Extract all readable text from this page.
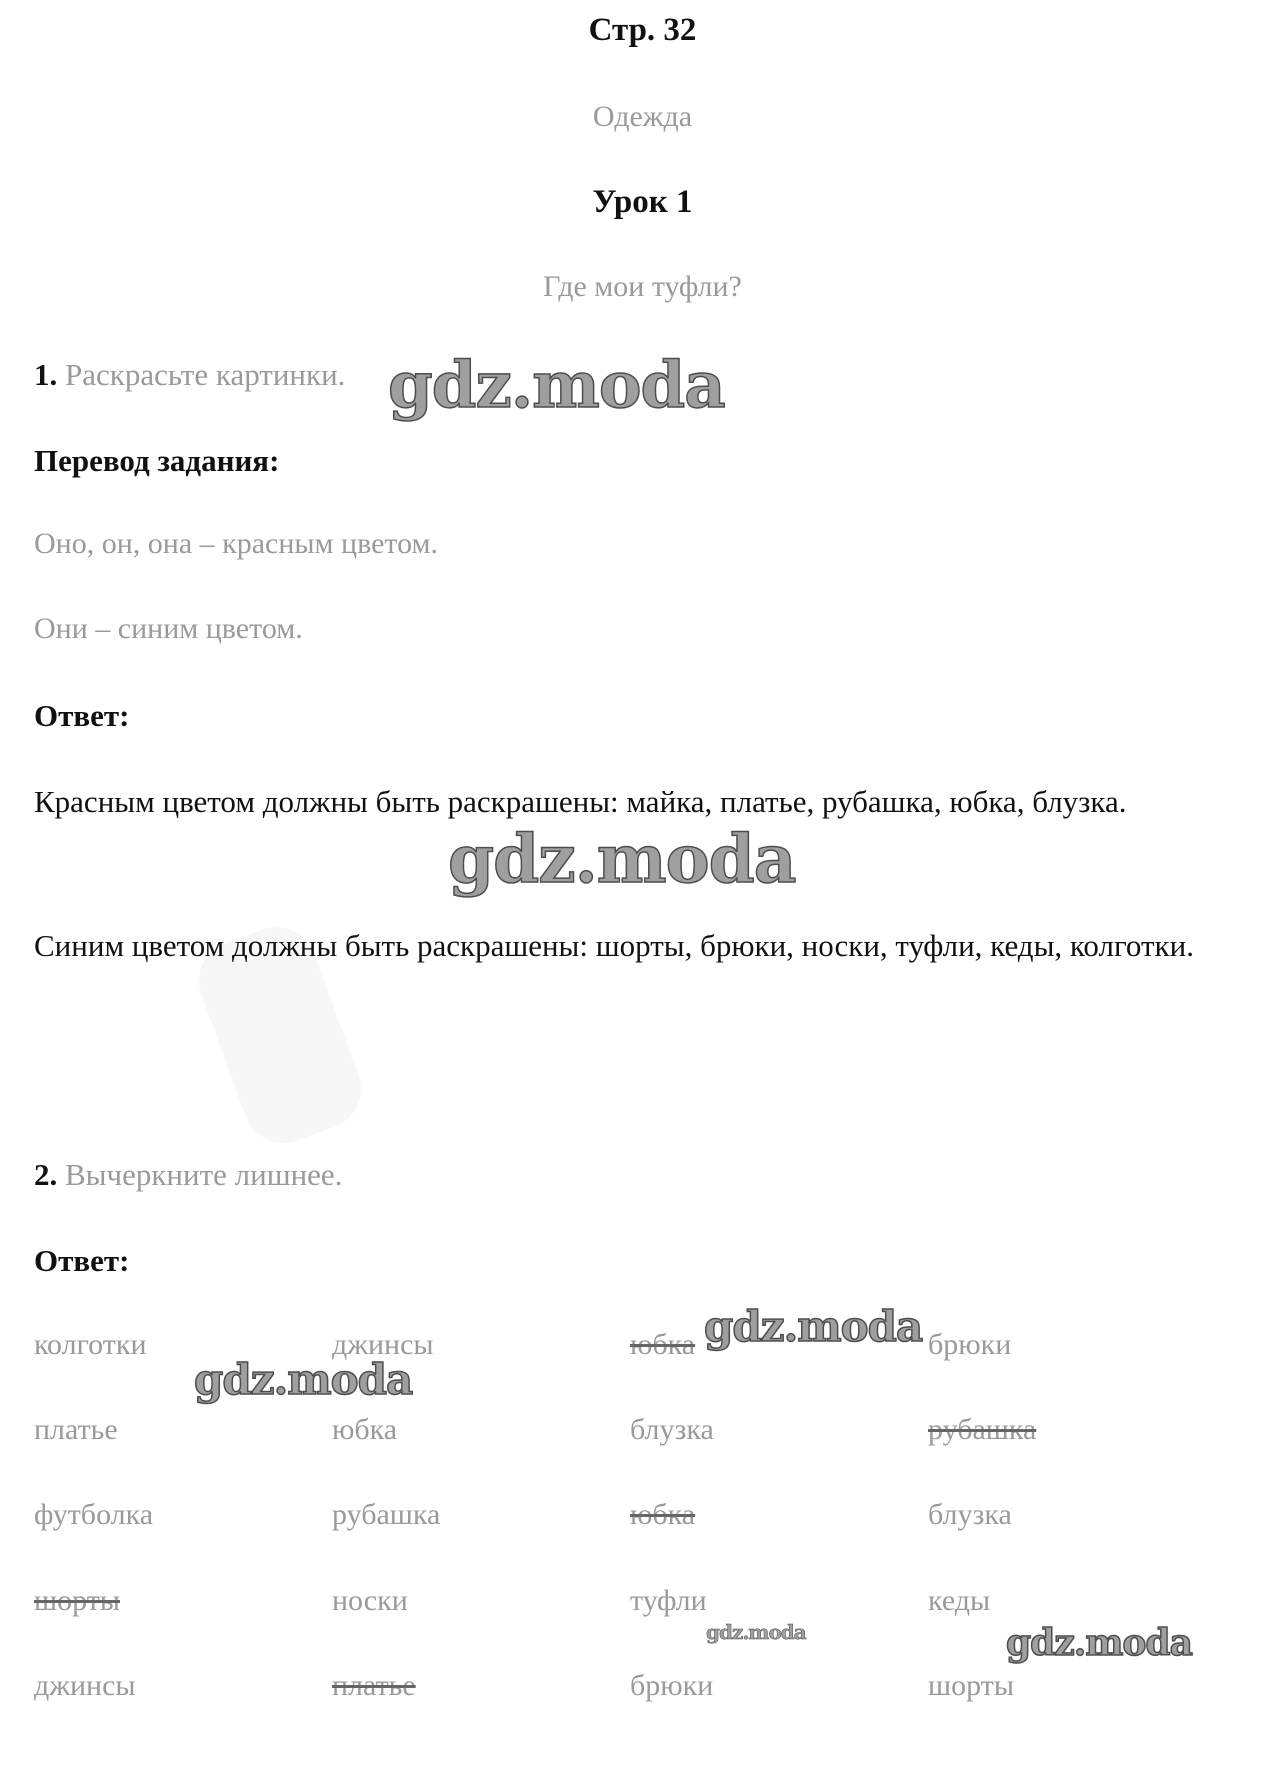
Стр. 32
Одежда
Урок 1
Где мои туфли?
1. Раскрасьте картинки.
Перевод задания:
Оно, он, она – красным цветом.
Они – синим цветом.
Ответ:
Красным цветом должны быть раскрашены: майка, платье, рубашка, юбка, блузка.
Синим цветом должны быть раскрашены: шорты, брюки, носки, туфли, кеды, колготки.
2. Вычеркните лишнее.
Ответ:
колготки
платье
футболка
шорты
джинсы
джинсы
юбка
рубашка
носки
платье
юбка
блузка
юбка
туфли
брюки
брюки
рубашка
блузка
кеды
шорты
gdz.moda
gdz.moda
gdz.moda
gdz.moda
gdz.moda	gdz.moda
